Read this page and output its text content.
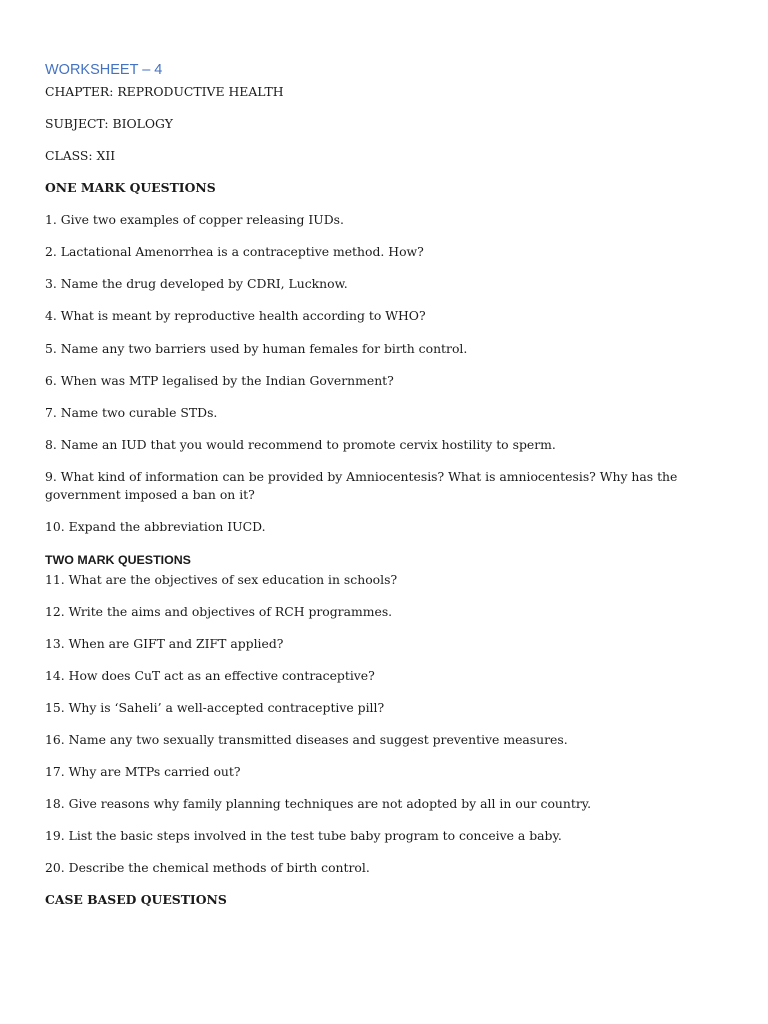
WORKSHEET – 4
CHAPTER: REPRODUCTIVE HEALTH
SUBJECT: BIOLOGY
CLASS: XII
ONE MARK QUESTIONS
1. Give two examples of copper releasing IUDs.
2. Lactational Amenorrhea is a contraceptive method. How?
3. Name the drug developed by CDRI, Lucknow.
4. What is meant by reproductive health according to WHO?
5. Name any two barriers used by human females for birth control.
6. When was MTP legalised by the Indian Government?
7. Name two curable STDs.
8. Name an IUD that you would recommend to promote cervix hostility to sperm.
9. What kind of information can be provided by Amniocentesis? What is amniocentesis? Why has the government imposed a ban on it?
10. Expand the abbreviation IUCD.
TWO MARK QUESTIONS
11. What are the objectives of sex education in schools?
12. Write the aims and objectives of RCH programmes.
13. When are GIFT and ZIFT applied?
14. How does CuT act as an effective contraceptive?
15. Why is ‘Saheli’ a well-accepted contraceptive pill?
16. Name any two sexually transmitted diseases and suggest preventive measures.
17. Why are MTPs carried out?
18. Give reasons why family planning techniques are not adopted by all in our country.
19. List the basic steps involved in the test tube baby program to conceive a baby.
20. Describe the chemical methods of birth control.
CASE BASED QUESTIONS
